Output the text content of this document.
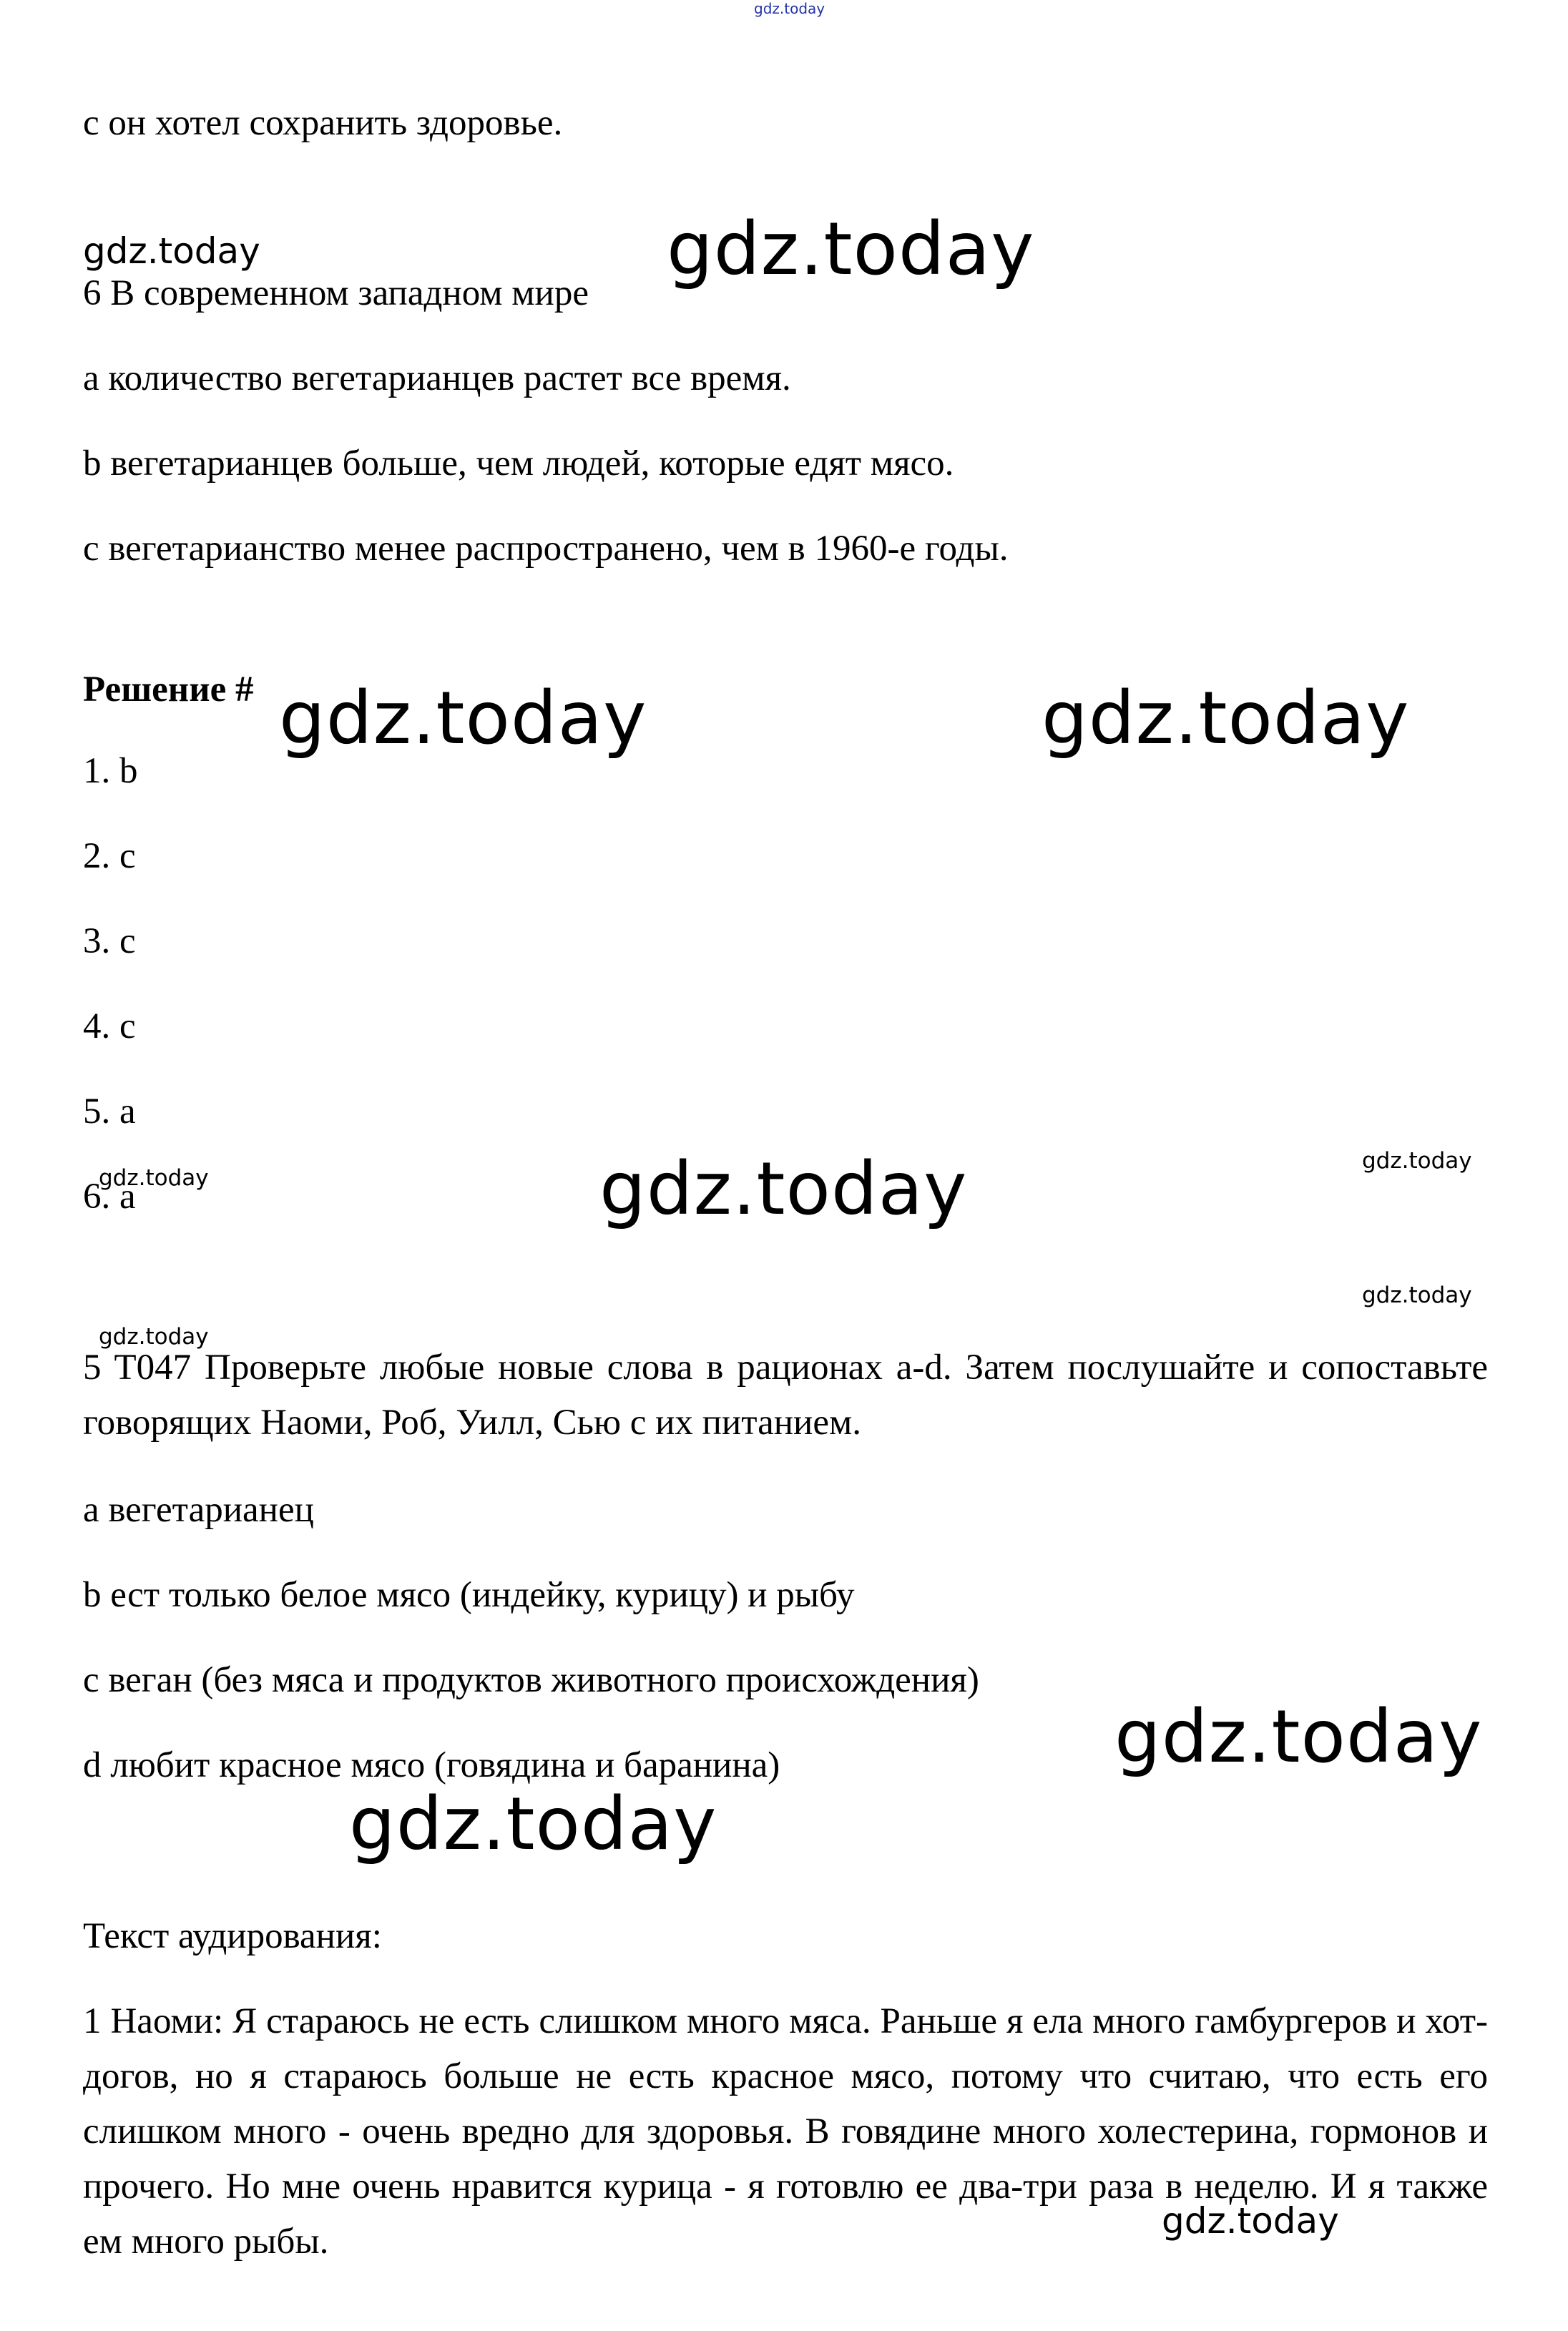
gdz.today
с он хотел сохранить здоровье.
gdz.today	gdz.today
6 В современном западном мире
а количество вегетарианцев растет все время.
b вегетарианцев больше, чем людей, которые едят мясо.
с вегетарианство менее распространено, чем в 1960-е годы.
Решение # gdz.today	gdz.today
1. b
2. c
3. c
4. c
5. a
gdz.today
gdz.today
6. a	gdz.today
gdz.today
gdz.today
5 T047 Проверьте любые новые слова в рационах a-d. Затем послушайте и сопоставьте говорящих Наоми, Роб, Уилл, Сью с их питанием.
а вегетарианец
b ест только белое мясо (индейку, курицу) и рыбу
с веган (без мяса и продуктов животного происхождения)
gdz.today
d любит красное мясо (говядина и баранина)
gdz.today
Текст аудирования:
1 Наоми: Я стараюсь не есть слишком много мяса. Раньше я ела много гамбургеров и хот-догов, но я стараюсь больше не есть красное мясо, потому что считаю, что есть его слишком много - очень вредно для здоровья. В говядине много холестерина, гормонов и прочего. Но мне очень нравится курица - я готовлю ее два-три раза в неделю. И я также ем много рыбы.	gdz.today
